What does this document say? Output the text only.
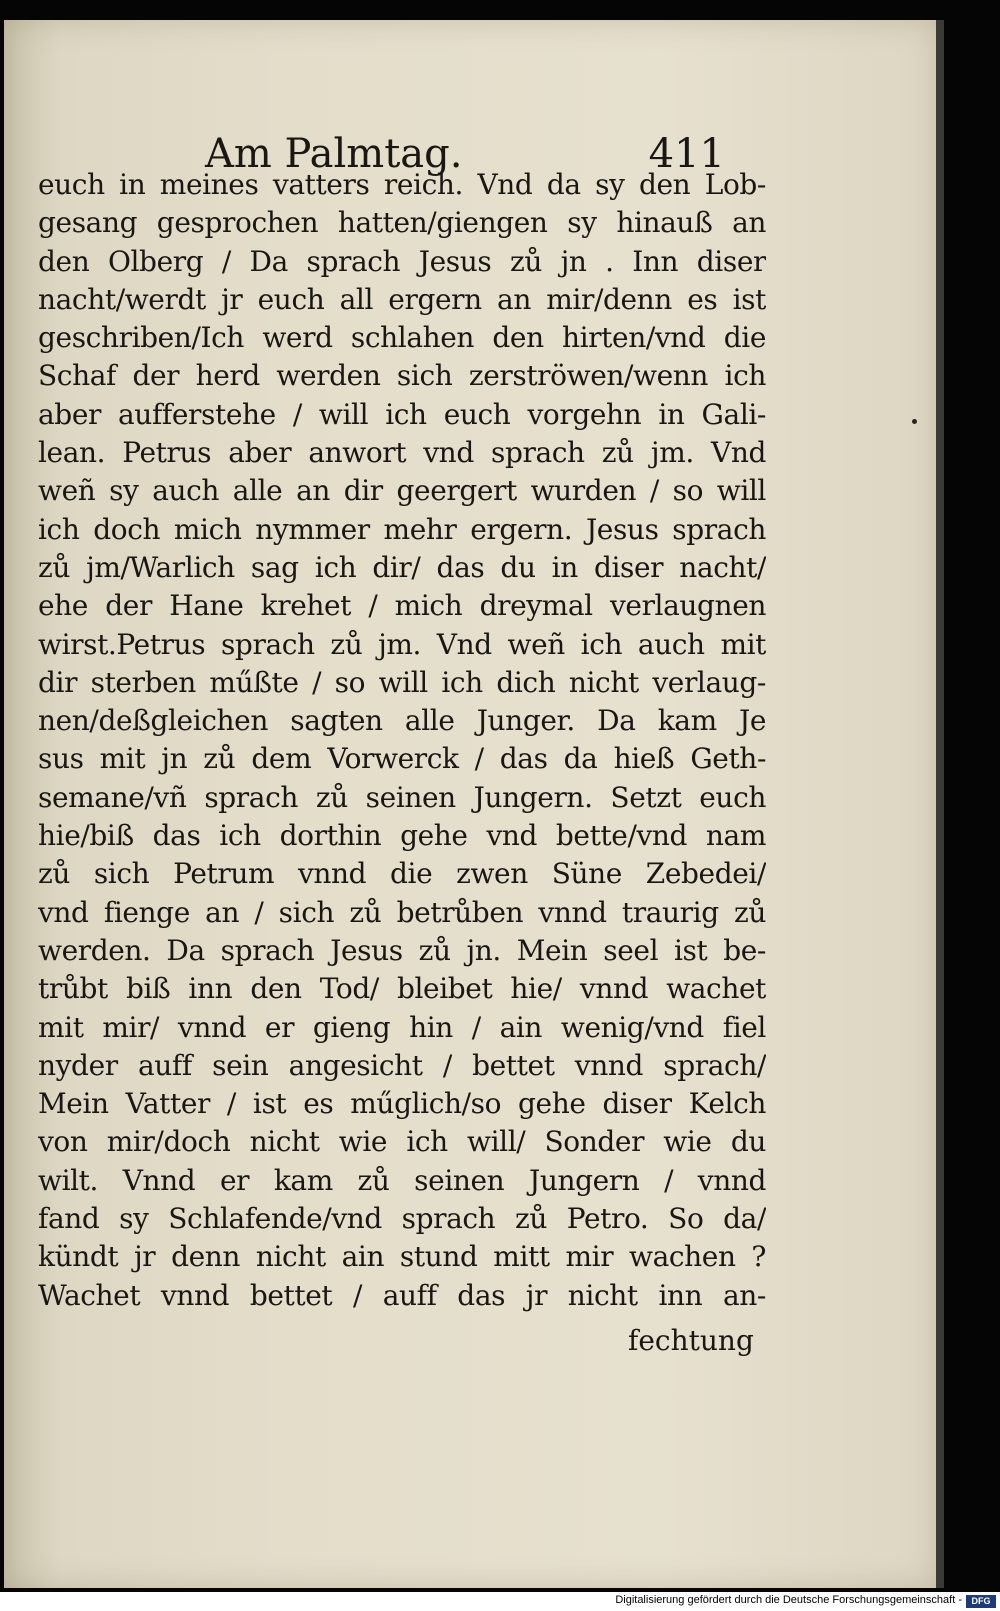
Am Palmtag.	411
euch in meines vatters reich. Vnd da sy den Lob-
gesang gesprochen hatten/giengen sy hinauß an
den Olberg / Da sprach Jesus zů jn . Inn diser
nacht/werdt jr euch all ergern an mir/denn es ist
geschriben/Ich werd schlahen den hirten/vnd die
Schaf der herd werden sich zerströwen/wenn ich
aber aufferstehe / will ich euch vorgehn in Gali-
lean. Petrus aber anwort vnd sprach zů jm. Vnd
weñ sy auch alle an dir geergert wurden / so will
ich doch mich nymmer mehr ergern. Jesus sprach
zů jm/Warlich sag ich dir/ das du in diser nacht/
ehe der Hane krehet / mich dreymal verlaugnen
wirst.Petrus sprach zů jm. Vnd weñ ich auch mit
dir sterben műßte / so will ich dich nicht verlaug-
nen/deßgleichen sagten alle Junger. Da kam Je
sus mit jn zů dem Vorwerck / das da hieß Geth-
semane/vñ sprach zů seinen Jungern. Setzt euch
hie/biß das ich dorthin gehe vnd bette/vnd nam
zů sich Petrum vnnd die zwen Süne Zebedei/
vnd fienge an / sich zů betrůben vnnd traurig zů
werden. Da sprach Jesus zů jn. Mein seel ist be-
trůbt biß inn den Tod/ bleibet hie/ vnnd wachet
mit mir/ vnnd er gieng hin / ain wenig/vnd fiel
nyder auff sein angesicht / bettet vnnd sprach/
Mein Vatter / ist es műglich/so gehe diser Kelch
von mir/doch nicht wie ich will/ Sonder wie du
wilt. Vnnd er kam zů seinen Jungern / vnnd
fand sy Schlafende/vnd sprach zů Petro. So da/
kündt jr denn nicht ain stund mitt mir wachen ?
Wachet vnnd bettet / auff das jr nicht inn an-
fechtung
Digitalisierung gefördert durch die Deutsche Forschungsgemeinschaft -	DFG
